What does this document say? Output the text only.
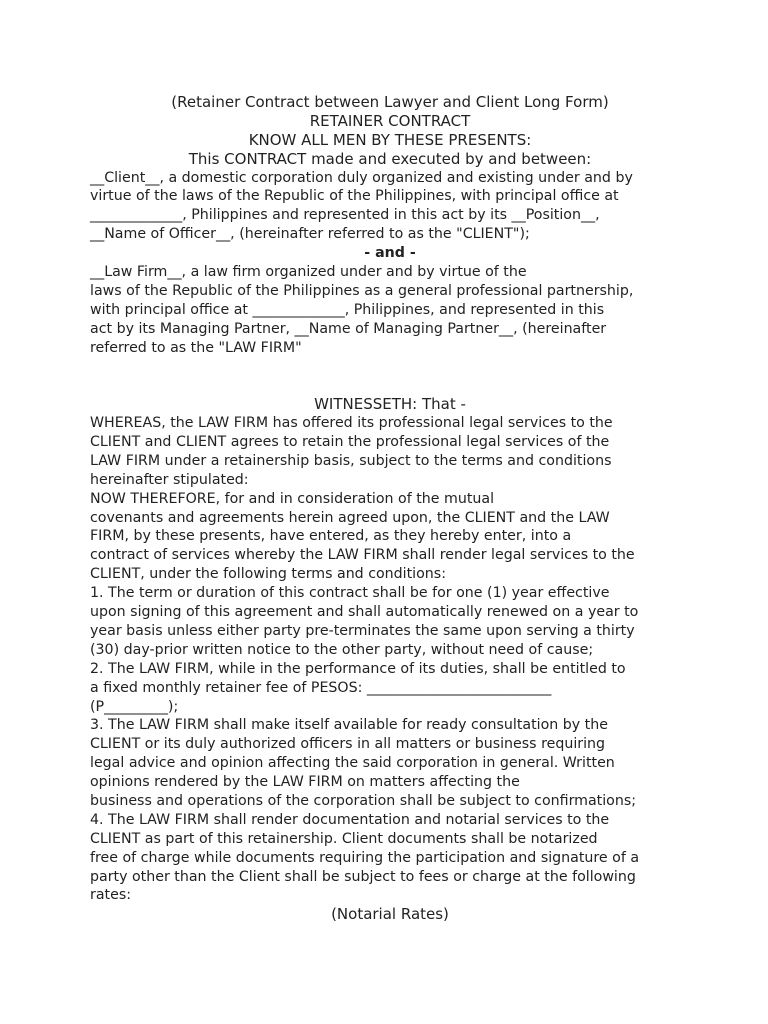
(Retainer Contract between Lawyer and Client Long Form)
RETAINER CONTRACT
KNOW ALL MEN BY THESE PRESENTS:
This CONTRACT made and executed by and between:
__Client__, a domestic corporation duly organized and existing under and by
virtue of the laws of the Republic of the Philippines, with principal office at
_____________, Philippines and represented in this act by its __Position__,
__Name of Officer__, (hereinafter referred to as the "CLIENT");
- and -
__Law Firm__, a law firm organized under and by virtue of the
laws of the Republic of the Philippines as a general professional partnership,
with principal office at _____________, Philippines, and represented in this
act by its Managing Partner, __Name of Managing Partner__, (hereinafter
referred to as the "LAW FIRM"
WITNESSETH: That -
WHEREAS, the LAW FIRM has offered its professional legal services to the
CLIENT and CLIENT agrees to retain the professional legal services of the
LAW FIRM under a retainership basis, subject to the terms and conditions
hereinafter stipulated:
NOW THEREFORE, for and in consideration of the mutual
covenants and agreements herein agreed upon, the CLIENT and the LAW
FIRM, by these presents, have entered, as they hereby enter, into a
contract of services whereby the LAW FIRM shall render legal services to the
CLIENT, under the following terms and conditions:
1. The term or duration of this contract shall be for one (1) year effective
upon signing of this agreement and shall automatically renewed on a year to
year basis unless either party pre-terminates the same upon serving a thirty
(30) day-prior written notice to the other party, without need of cause;
2. The LAW FIRM, while in the performance of its duties, shall be entitled to
a fixed monthly retainer fee of PESOS: __________________________
(P_________);
3. The LAW FIRM shall make itself available for ready consultation by the
CLIENT or its duly authorized officers in all matters or business requiring
legal advice and opinion affecting the said corporation in general. Written
opinions rendered by the LAW FIRM on matters affecting the
business and operations of the corporation shall be subject to confirmations;
4. The LAW FIRM shall render documentation and notarial services to the
CLIENT as part of this retainership. Client documents shall be notarized
free of charge while documents requiring the participation and signature of a
party other than the Client shall be subject to fees or charge at the following
rates:
(Notarial Rates)
